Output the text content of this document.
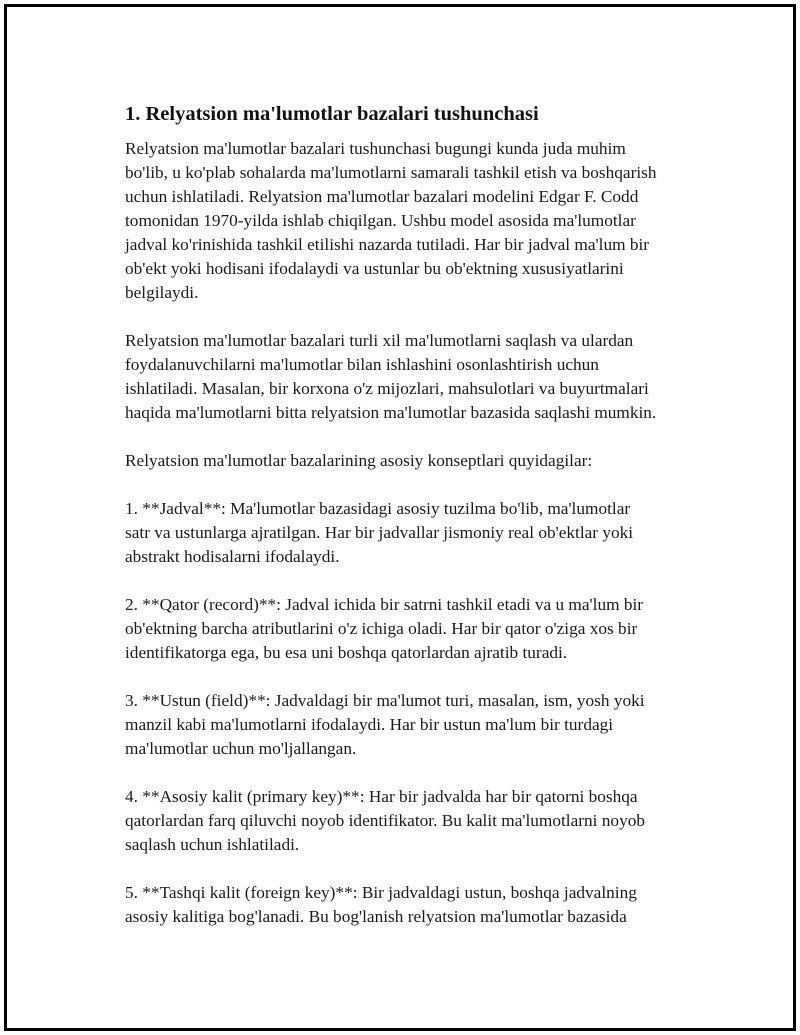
1. Relyatsion ma'lumotlar bazalari tushunchasi
Relyatsion ma'lumotlar bazalari tushunchasi bugungi kunda juda muhim
bo'lib, u ko'plab sohalarda ma'lumotlarni samarali tashkil etish va boshqarish
uchun ishlatiladi. Relyatsion ma'lumotlar bazalari modelini Edgar F. Codd
tomonidan 1970-yilda ishlab chiqilgan. Ushbu model asosida ma'lumotlar
jadval ko'rinishida tashkil etilishi nazarda tutiladi. Har bir jadval ma'lum bir
ob'ekt yoki hodisani ifodalaydi va ustunlar bu ob'ektning xususiyatlarini
belgilaydi.
Relyatsion ma'lumotlar bazalari turli xil ma'lumotlarni saqlash va ulardan
foydalanuvchilarni ma'lumotlar bilan ishlashini osonlashtirish uchun
ishlatiladi. Masalan, bir korxona o'z mijozlari, mahsulotlari va buyurtmalari
haqida ma'lumotlarni bitta relyatsion ma'lumotlar bazasida saqlashi mumkin.
Relyatsion ma'lumotlar bazalarining asosiy konseptlari quyidagilar:
1. **Jadval**: Ma'lumotlar bazasidagi asosiy tuzilma bo'lib, ma'lumotlar
satr va ustunlarga ajratilgan. Har bir jadvallar jismoniy real ob'ektlar yoki
abstrakt hodisalarni ifodalaydi.
2. **Qator (record)**: Jadval ichida bir satrni tashkil etadi va u ma'lum bir
ob'ektning barcha atributlarini o'z ichiga oladi. Har bir qator o'ziga xos bir
identifikatorga ega, bu esa uni boshqa qatorlardan ajratib turadi.
3. **Ustun (field)**: Jadvaldagi bir ma'lumot turi, masalan, ism, yosh yoki
manzil kabi ma'lumotlarni ifodalaydi. Har bir ustun ma'lum bir turdagi
ma'lumotlar uchun mo'ljallangan.
4. **Asosiy kalit (primary key)**: Har bir jadvalda har bir qatorni boshqa
qatorlardan farq qiluvchi noyob identifikator. Bu kalit ma'lumotlarni noyob
saqlash uchun ishlatiladi.
5. **Tashqi kalit (foreign key)**: Bir jadvaldagi ustun, boshqa jadvalning
asosiy kalitiga bog'lanadi. Bu bog'lanish relyatsion ma'lumotlar bazasida
